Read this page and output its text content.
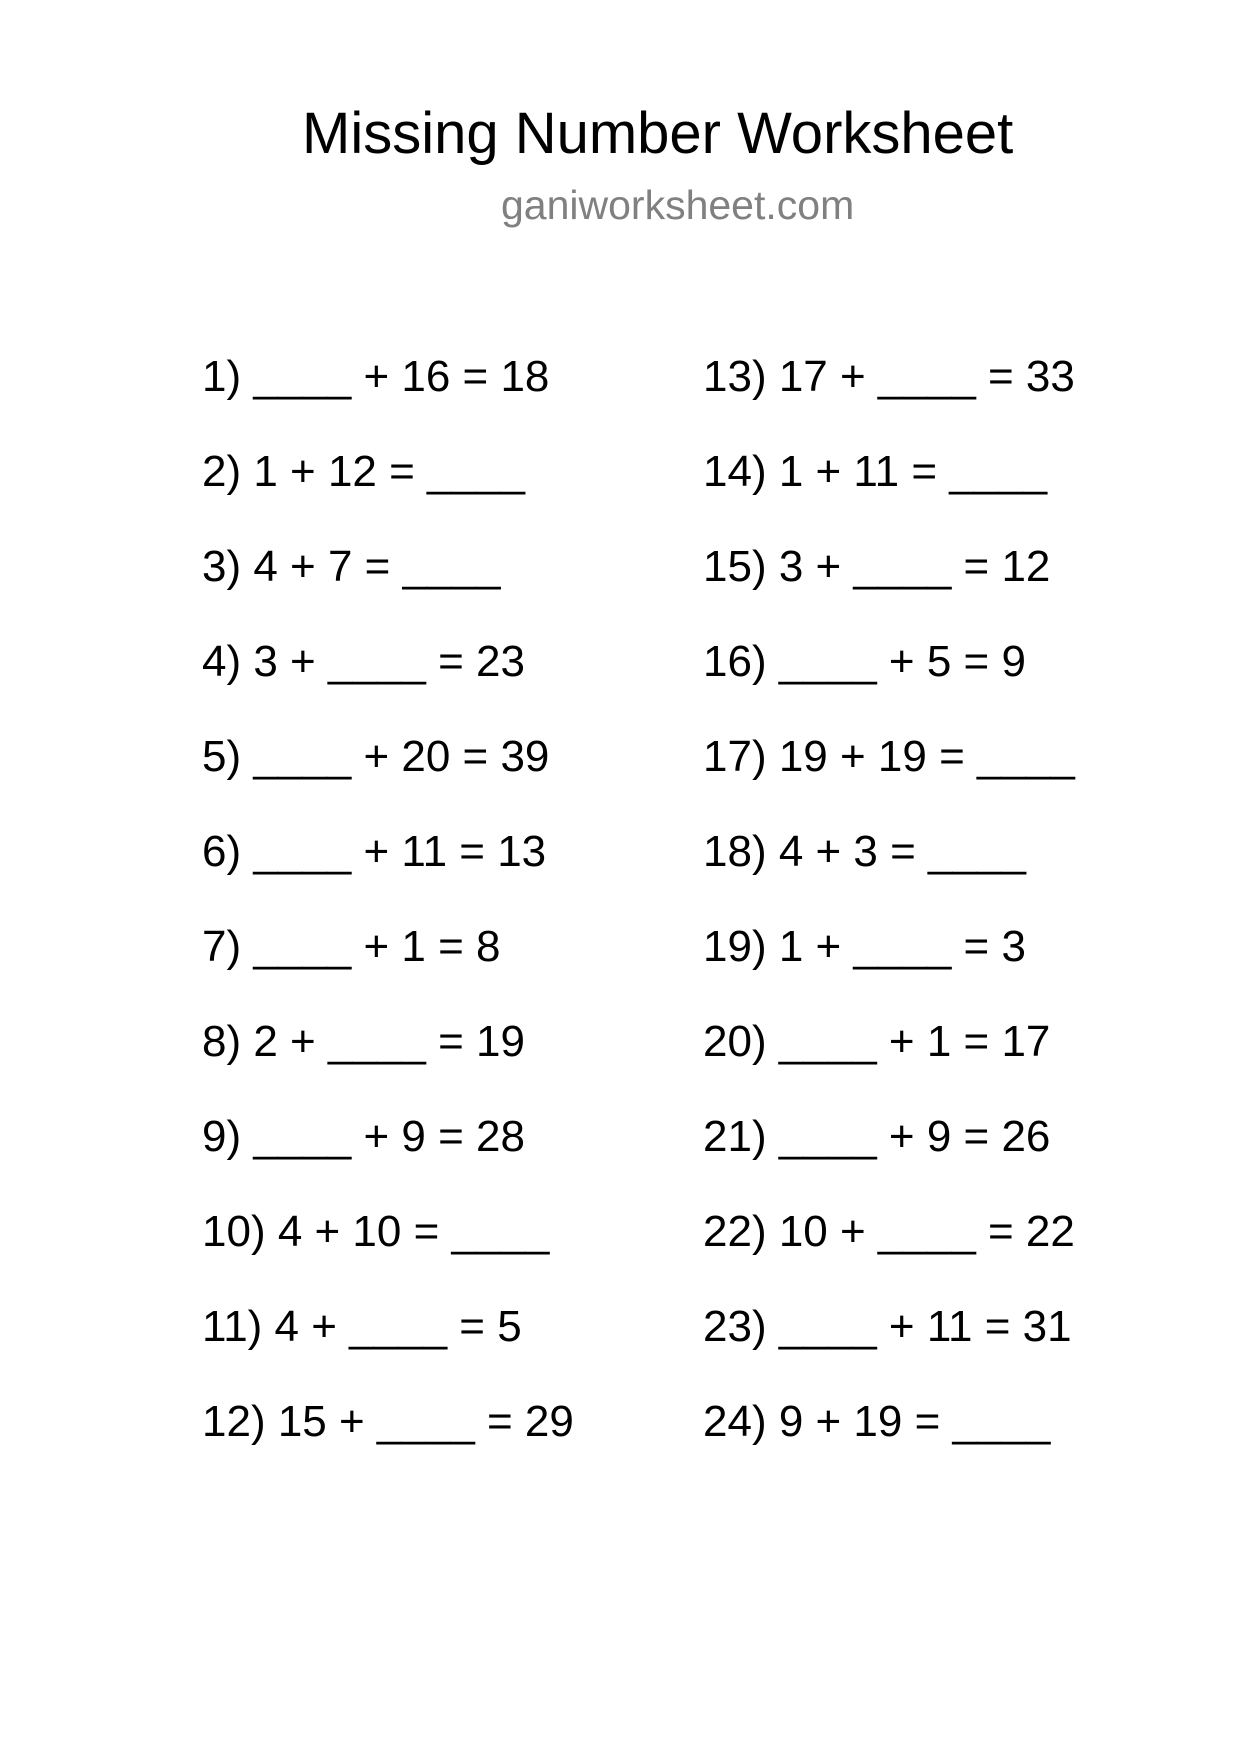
Missing Number Worksheet
ganiworksheet.com
1) ____ + 16 = 18
2) 1 + 12 = ____
3) 4 + 7 = ____
4) 3 + ____ = 23
5) ____ + 20 = 39
6) ____ + 11 = 13
7) ____ + 1 = 8
8) 2 + ____ = 19
9) ____ + 9 = 28
10) 4 + 10 = ____
11) 4 + ____ = 5
12) 15 + ____ = 29
13) 17 + ____ = 33
14) 1 + 11 = ____
15) 3 + ____ = 12
16) ____ + 5 = 9
17) 19 + 19 = ____
18) 4 + 3 = ____
19) 1 + ____ = 3
20) ____ + 1 = 17
21) ____ + 9 = 26
22) 10 + ____ = 22
23) ____ + 11 = 31
24) 9 + 19 = ____
